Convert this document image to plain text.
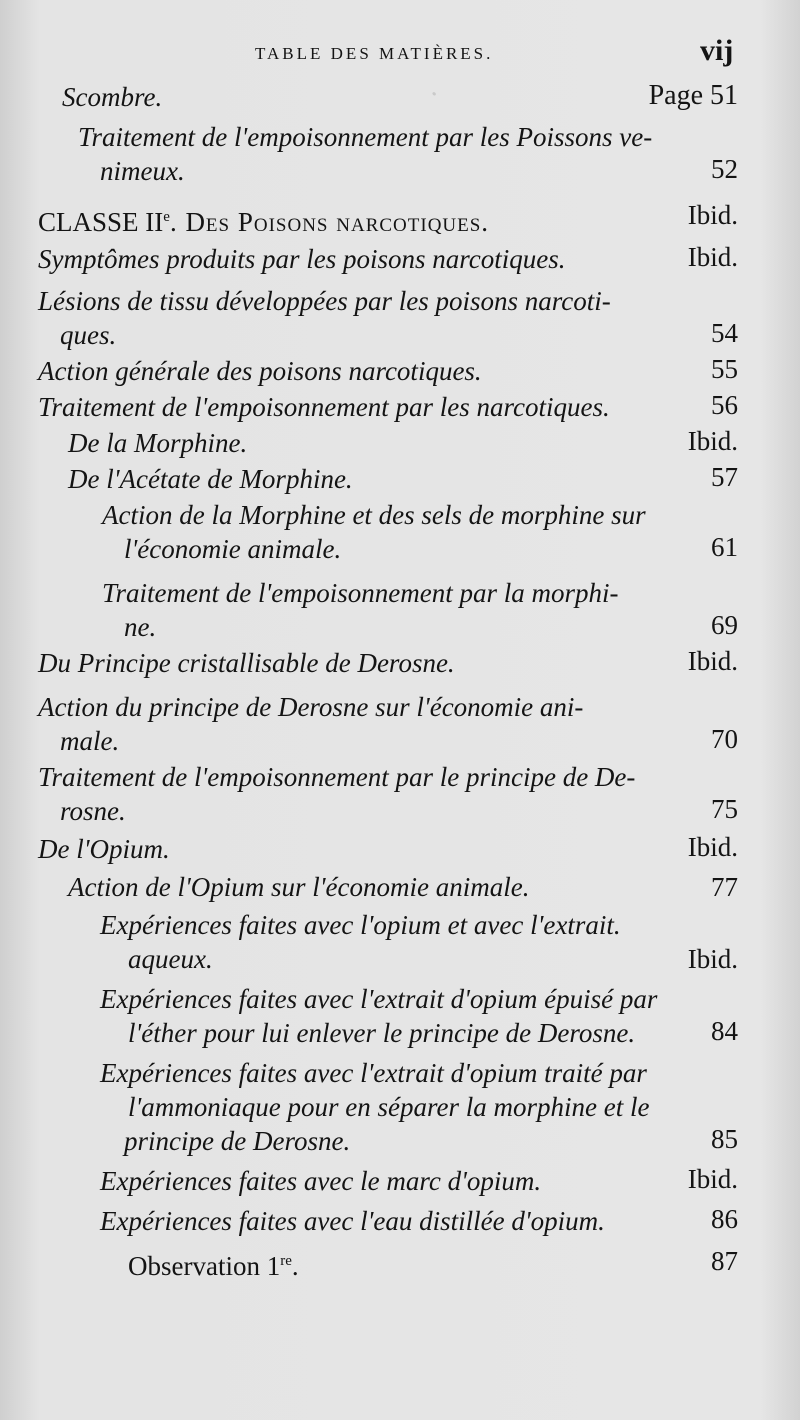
·
TABLE DES MATIÈRES.	vij
Scombre.	Page 51
Traitement de l'empoisonnement par les Poissons ve-
nimeux.	52
CLASSE IIe. Des Poisons narcotiques.	Ibid.
Symptômes produits par les poisons narcotiques.	Ibid.
Lésions de tissu développées par les poisons narcoti-
ques.	54
Action générale des poisons narcotiques.	55
Traitement de l'empoisonnement par les narcotiques.	56
De la Morphine.	Ibid.
De l'Acétate de Morphine.	57
Action de la Morphine et des sels de morphine sur
l'économie animale.	61
Traitement de l'empoisonnement par la morphi-
ne.	69
Du Principe cristallisable de Derosne.	Ibid.
Action du principe de Derosne sur l'économie ani-
male.	70
Traitement de l'empoisonnement par le principe de De-
rosne.	75
De l'Opium.	Ibid.
Action de l'Opium sur l'économie animale.	77
Expériences faites avec l'opium et avec l'extrait.
aqueux.	Ibid.
Expériences faites avec l'extrait d'opium épuisé par
l'éther pour lui enlever le principe de Derosne.	84
Expériences faites avec l'extrait d'opium traité par
l'ammoniaque pour en séparer la morphine et le
principe de Derosne.	85
Expériences faites avec le marc d'opium.	Ibid.
Expériences faites avec l'eau distillée d'opium.	86
Observation 1re.	87
